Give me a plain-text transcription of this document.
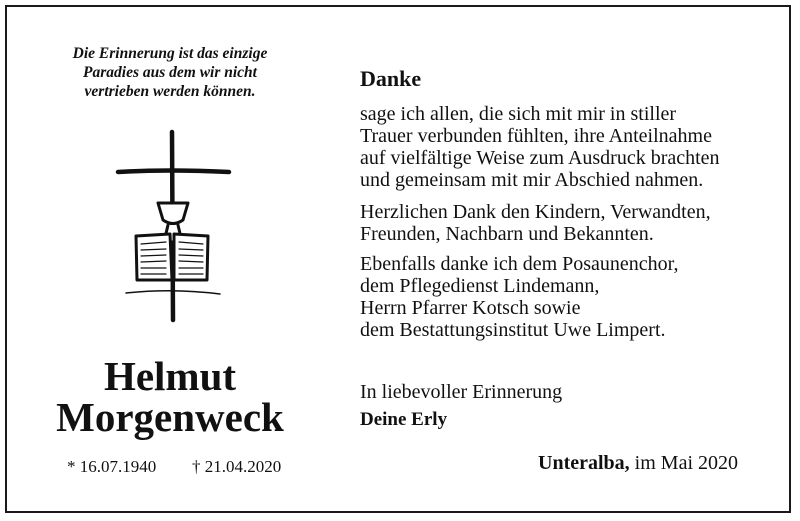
Die Erinnerung ist das einzige
Paradies aus dem wir nicht
vertrieben werden können.
Helmut
Morgenweck
* 16.07.1940 † 21.04.2020
Danke
sage ich allen, die sich mit mir in stiller
Trauer verbunden fühlten, ihre Anteilnahme
auf vielfältige Weise zum Ausdruck brachten
und gemeinsam mit mir Abschied nahmen.
Herzlichen Dank den Kindern, Verwandten,
Freunden, Nachbarn und Bekannten.
Ebenfalls danke ich dem Posaunenchor,
dem Pflegedienst Lindemann,
Herrn Pfarrer Kotsch sowie
dem Bestattungsinstitut Uwe Limpert.
In liebevoller Erinnerung
Deine Erly
Unteralba, im Mai 2020
